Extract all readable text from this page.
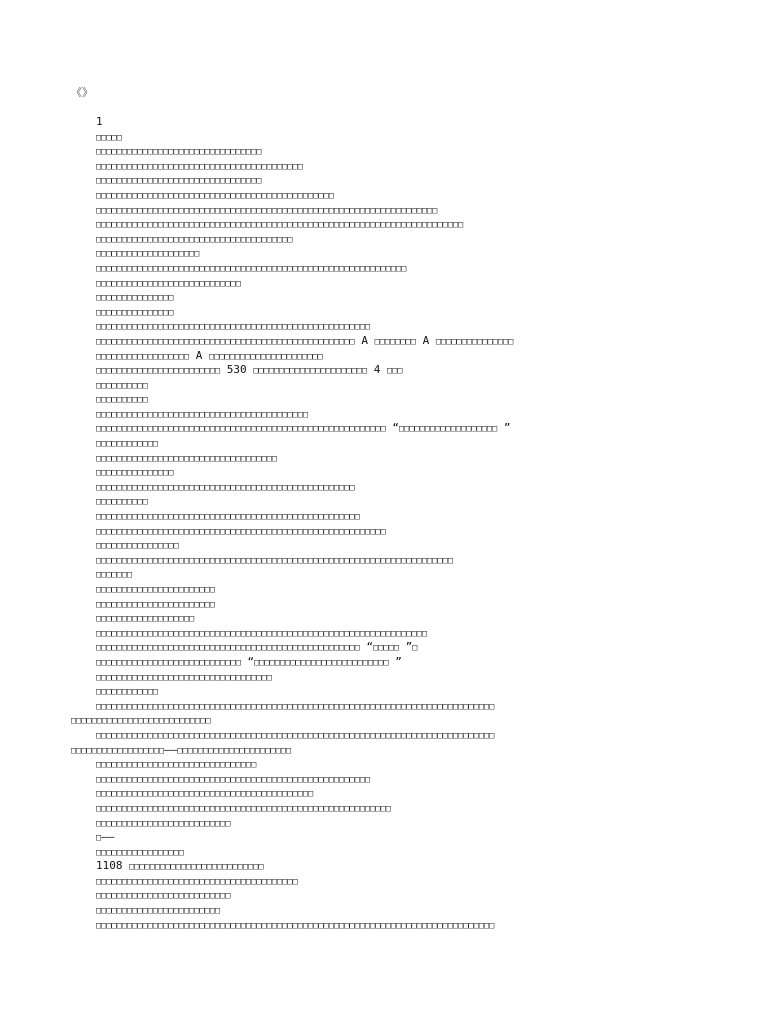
《》
1
□□□□□
□□□□□□□□□□□□□□□□□□□□□□□□□□□□□□□□
□□□□□□□□□□□□□□□□□□□□□□□□□□□□□□□□□□□□□□□□
□□□□□□□□□□□□□□□□□□□□□□□□□□□□□□□□
□□□□□□□□□□□□□□□□□□□□□□□□□□□□□□□□□□□□□□□□□□□□□□
□□□□□□□□□□□□□□□□□□□□□□□□□□□□□□□□□□□□□□□□□□□□□□□□□□□□□□□□□□□□□□□□□□
□□□□□□□□□□□□□□□□□□□□□□□□□□□□□□□□□□□□□□□□□□□□□□□□□□□□□□□□□□□□□□□□□□□□□□□
□□□□□□□□□□□□□□□□□□□□□□□□□□□□□□□□□□□□□□
□□□□□□□□□□□□□□□□□□□□
□□□□□□□□□□□□□□□□□□□□□□□□□□□□□□□□□□□□□□□□□□□□□□□□□□□□□□□□□□□□
□□□□□□□□□□□□□□□□□□□□□□□□□□□□
□□□□□□□□□□□□□□□
□□□□□□□□□□□□□□□
□□□□□□□□□□□□□□□□□□□□□□□□□□□□□□□□□□□□□□□□□□□□□□□□□□□□□
□□□□□□□□□□□□□□□□□□□□□□□□□□□□□□□□□□□□□□□□□□□□□□□□□□ A □□□□□□□□ A □□□□□□□□□□□□□□□
□□□□□□□□□□□□□□□□□□ A □□□□□□□□□□□□□□□□□□□□□□
□□□□□□□□□□□□□□□□□□□□□□□□ 530 □□□□□□□□□□□□□□□□□□□□□□ 4 □□□
□□□□□□□□□□
□□□□□□□□□□
□□□□□□□□□□□□□□□□□□□□□□□□□□□□□□□□□□□□□□□□□
□□□□□□□□□□□□□□□□□□□□□□□□□□□□□□□□□□□□□□□□□□□□□□□□□□□□□□□□ “□□□□□□□□□□□□□□□□□□□ ”
□□□□□□□□□□□□
□□□□□□□□□□□□□□□□□□□□□□□□□□□□□□□□□□□
□□□□□□□□□□□□□□□
□□□□□□□□□□□□□□□□□□□□□□□□□□□□□□□□□□□□□□□□□□□□□□□□□□
□□□□□□□□□□
□□□□□□□□□□□□□□□□□□□□□□□□□□□□□□□□□□□□□□□□□□□□□□□□□□□
□□□□□□□□□□□□□□□□□□□□□□□□□□□□□□□□□□□□□□□□□□□□□□□□□□□□□□□□
□□□□□□□□□□□□□□□□
□□□□□□□□□□□□□□□□□□□□□□□□□□□□□□□□□□□□□□□□□□□□□□□□□□□□□□□□□□□□□□□□□□□□□
□□□□□□□
□□□□□□□□□□□□□□□□□□□□□□□
□□□□□□□□□□□□□□□□□□□□□□□
□□□□□□□□□□□□□□□□□□□
□□□□□□□□□□□□□□□□□□□□□□□□□□□□□□□□□□□□□□□□□□□□□□□□□□□□□□□□□□□□□□□□
□□□□□□□□□□□□□□□□□□□□□□□□□□□□□□□□□□□□□□□□□□□□□□□□□□□ “□□□□□ ”□
□□□□□□□□□□□□□□□□□□□□□□□□□□□□ “□□□□□□□□□□□□□□□□□□□□□□□□□□ ”
□□□□□□□□□□□□□□□□□□□□□□□□□□□□□□□□□□
□□□□□□□□□□□□
□□□□□□□□□□□□□□□□□□□□□□□□□□□□□□□□□□□□□□□□□□□□□□□□□□□□□□□□□□□□□□□□□□□□□□□□□□□□□
□□□□□□□□□□□□□□□□□□□□□□□□□□□
□□□□□□□□□□□□□□□□□□□□□□□□□□□□□□□□□□□□□□□□□□□□□□□□□□□□□□□□□□□□□□□□□□□□□□□□□□□□□
□□□□□□□□□□□□□□□□□□——□□□□□□□□□□□□□□□□□□□□□□
□□□□□□□□□□□□□□□□□□□□□□□□□□□□□□□
□□□□□□□□□□□□□□□□□□□□□□□□□□□□□□□□□□□□□□□□□□□□□□□□□□□□□
□□□□□□□□□□□□□□□□□□□□□□□□□□□□□□□□□□□□□□□□□□
□□□□□□□□□□□□□□□□□□□□□□□□□□□□□□□□□□□□□□□□□□□□□□□□□□□□□□□□□
□□□□□□□□□□□□□□□□□□□□□□□□□□
□——
□□□□□□□□□□□□□□□□□
1108 □□□□□□□□□□□□□□□□□□□□□□□□□□
□□□□□□□□□□□□□□□□□□□□□□□□□□□□□□□□□□□□□□□
□□□□□□□□□□□□□□□□□□□□□□□□□□
□□□□□□□□□□□□□□□□□□□□□□□□
□□□□□□□□□□□□□□□□□□□□□□□□□□□□□□□□□□□□□□□□□□□□□□□□□□□□□□□□□□□□□□□□□□□□□□□□□□□□□
